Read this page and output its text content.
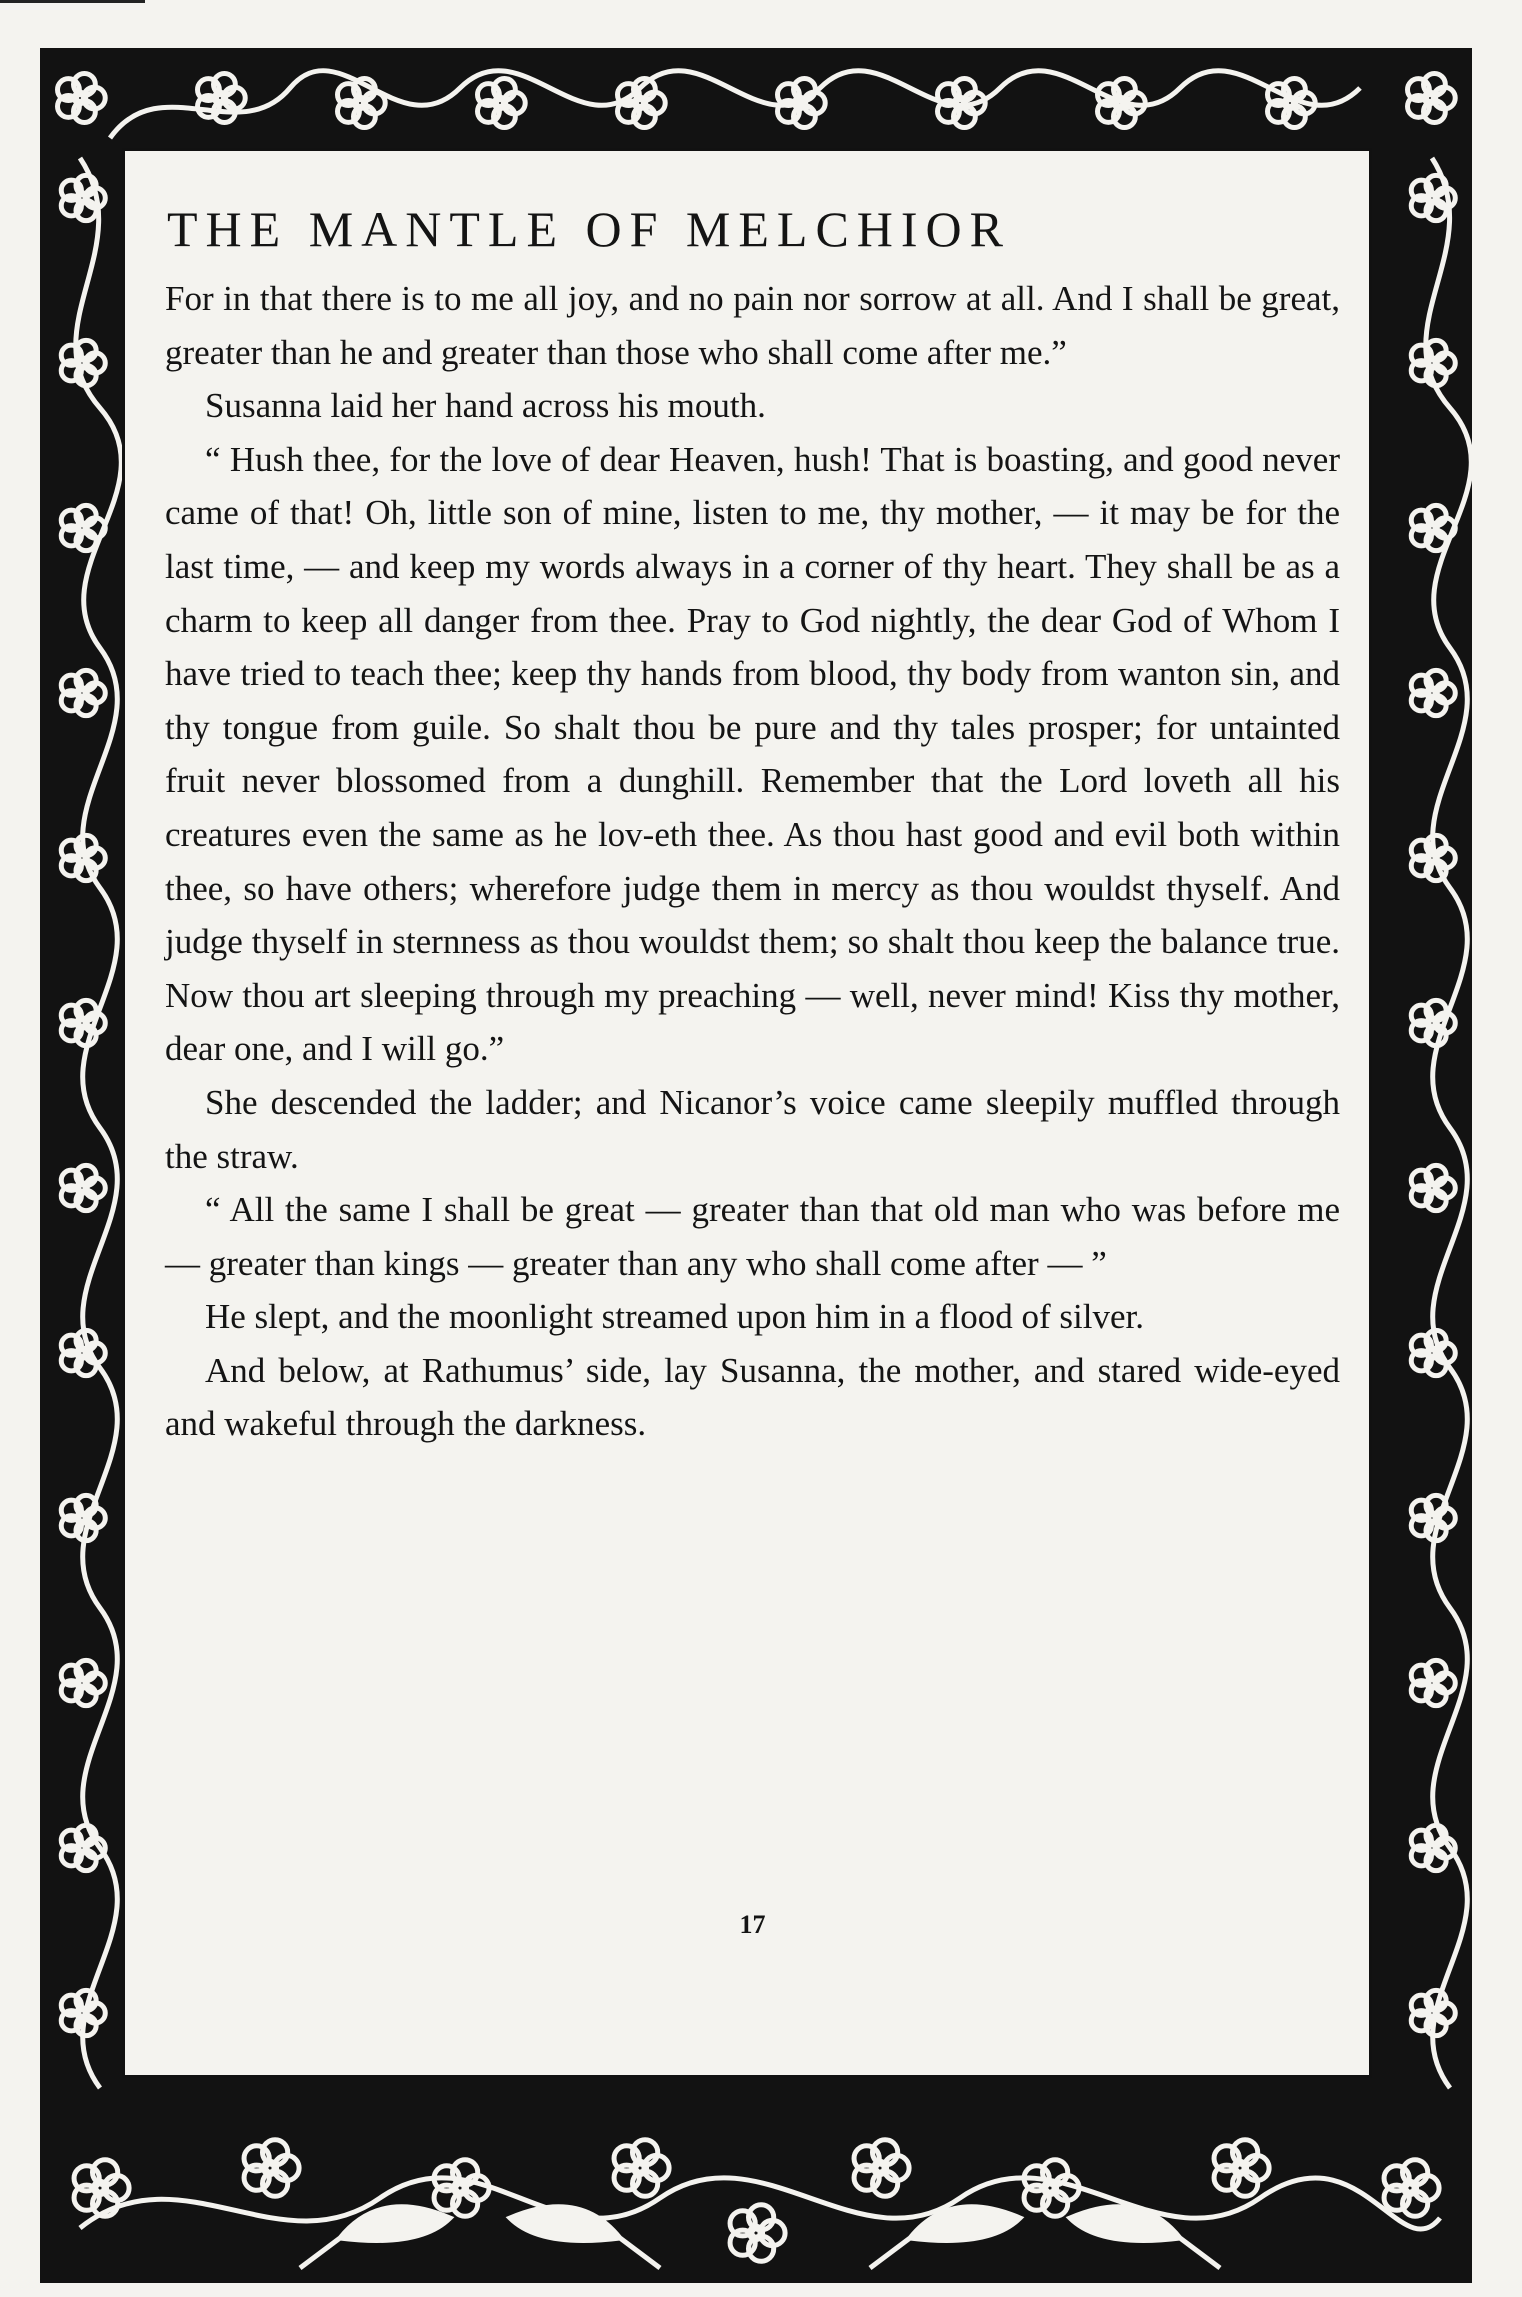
THE MANTLE OF MELCHIOR

For in that there is to me all joy, and no pain nor sorrow at all. And I shall be great, greater than he and greater than those who shall come after me.”

Susanna laid her hand across his mouth.

“ Hush thee, for the love of dear Heaven, hush! That is boasting, and good never came of that! Oh, little son of mine, listen to me, thy mother, — it may be for the last time, — and keep my words always in a corner of thy heart. They shall be as a charm to keep all danger from thee. Pray to God nightly, the dear God of Whom I have tried to teach thee; keep thy hands from blood, thy body from wanton sin, and thy tongue from guile. So shalt thou be pure and thy tales prosper; for untainted fruit never blossomed from a dunghill. Remember that the Lord loveth all his creatures even the same as he lov-eth thee. As thou hast good and evil both within thee, so have others; wherefore judge them in mercy as thou wouldst thyself. And judge thyself in sternness as thou wouldst them; so shalt thou keep the balance true. Now thou art sleeping through my preaching — well, never mind! Kiss thy mother, dear one, and I will go.”

She descended the ladder; and Nicanor’s voice came sleepily muffled through the straw.

“ All the same I shall be great — greater than that old man who was before me — greater than kings — greater than any who shall come after — ”

He slept, and the moonlight streamed upon him in a flood of silver.

And below, at Rathumus’ side, lay Susanna, the mother, and stared wide-eyed and wakeful through the darkness.

17
